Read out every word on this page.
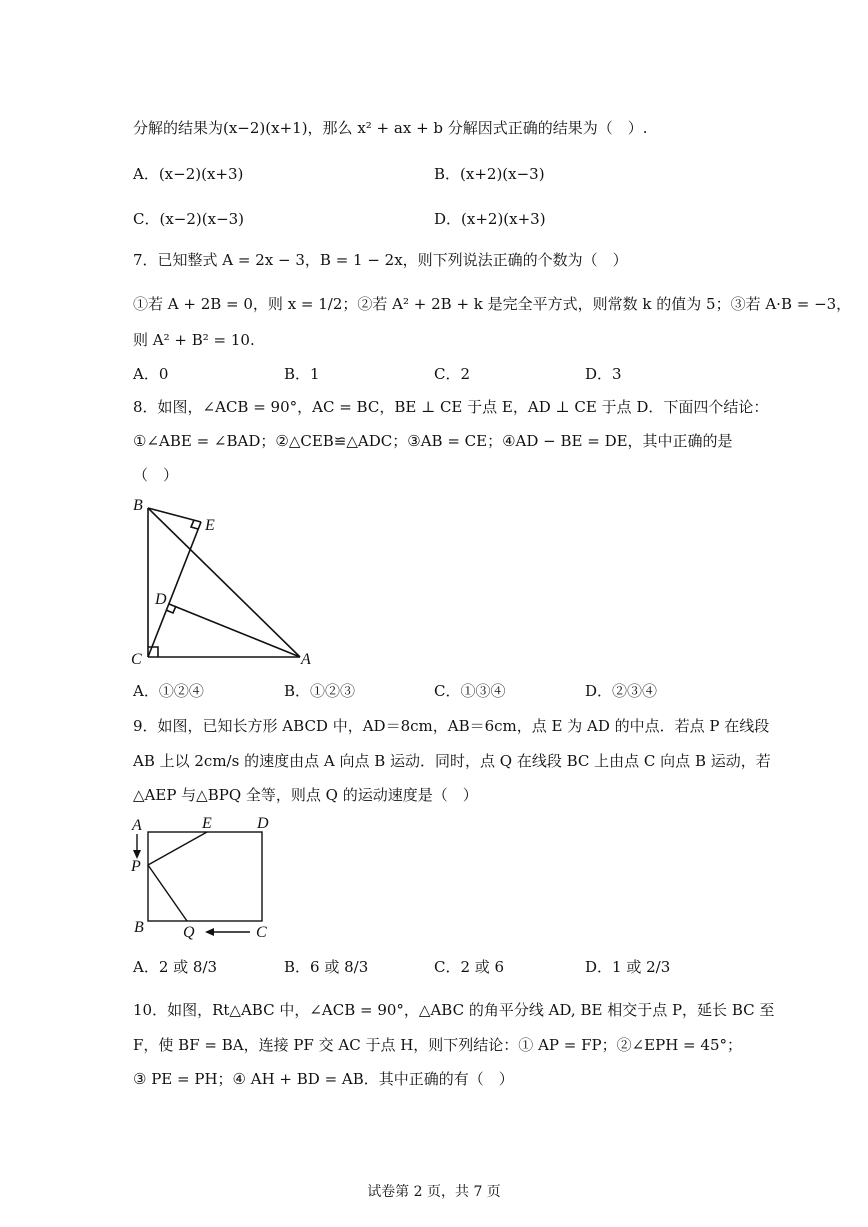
分解的结果为(x−2)(x+1)，那么 x² + ax + b 分解因式正确的结果为（　）.
A．(x−2)(x+3)	B．(x+2)(x−3)
C．(x−2)(x−3)	D．(x+2)(x+3)
7．已知整式 A = 2x − 3，B = 1 − 2x，则下列说法正确的个数为（　）
①若 A + 2B = 0，则 x = 1/2；②若 A² + 2B + k 是完全平方式，则常数 k 的值为 5；③若 A·B = −3，
则 A² + B² = 10.
A．0	B．1	C．2	D．3
8．如图，∠ACB = 90°，AC = BC，BE ⊥ CE 于点 E，AD ⊥ CE 于点 D．下面四个结论：
①∠ABE = ∠BAD；②△CEB≌△ADC；③AB = CE；④AD − BE = DE，其中正确的是
（　）
B
E
D
C	A
A．①②④	B．①②③	C．①③④	D．②③④
9．如图，已知长方形 ABCD 中，AD＝8cm，AB＝6cm，点 E 为 AD 的中点．若点 P 在线段
AB 上以 2cm/s 的速度由点 A 向点 B 运动．同时，点 Q 在线段 BC 上由点 C 向点 B 运动，若
△AEP 与△BPQ 全等，则点 Q 的运动速度是（　）
A	E	D
P
B Q	C
A．2 或 8/3	B．6 或 8/3	C．2 或 6	D．1 或 2/3
10．如图，Rt△ABC 中，∠ACB = 90°，△ABC 的角平分线 AD, BE 相交于点 P，延长 BC 至
F，使 BF = BA，连接 PF 交 AC 于点 H，则下列结论：① AP = FP；②∠EPH = 45°；
③ PE = PH；④ AH + BD = AB．其中正确的有（　）
试卷第 2 页，共 7 页
